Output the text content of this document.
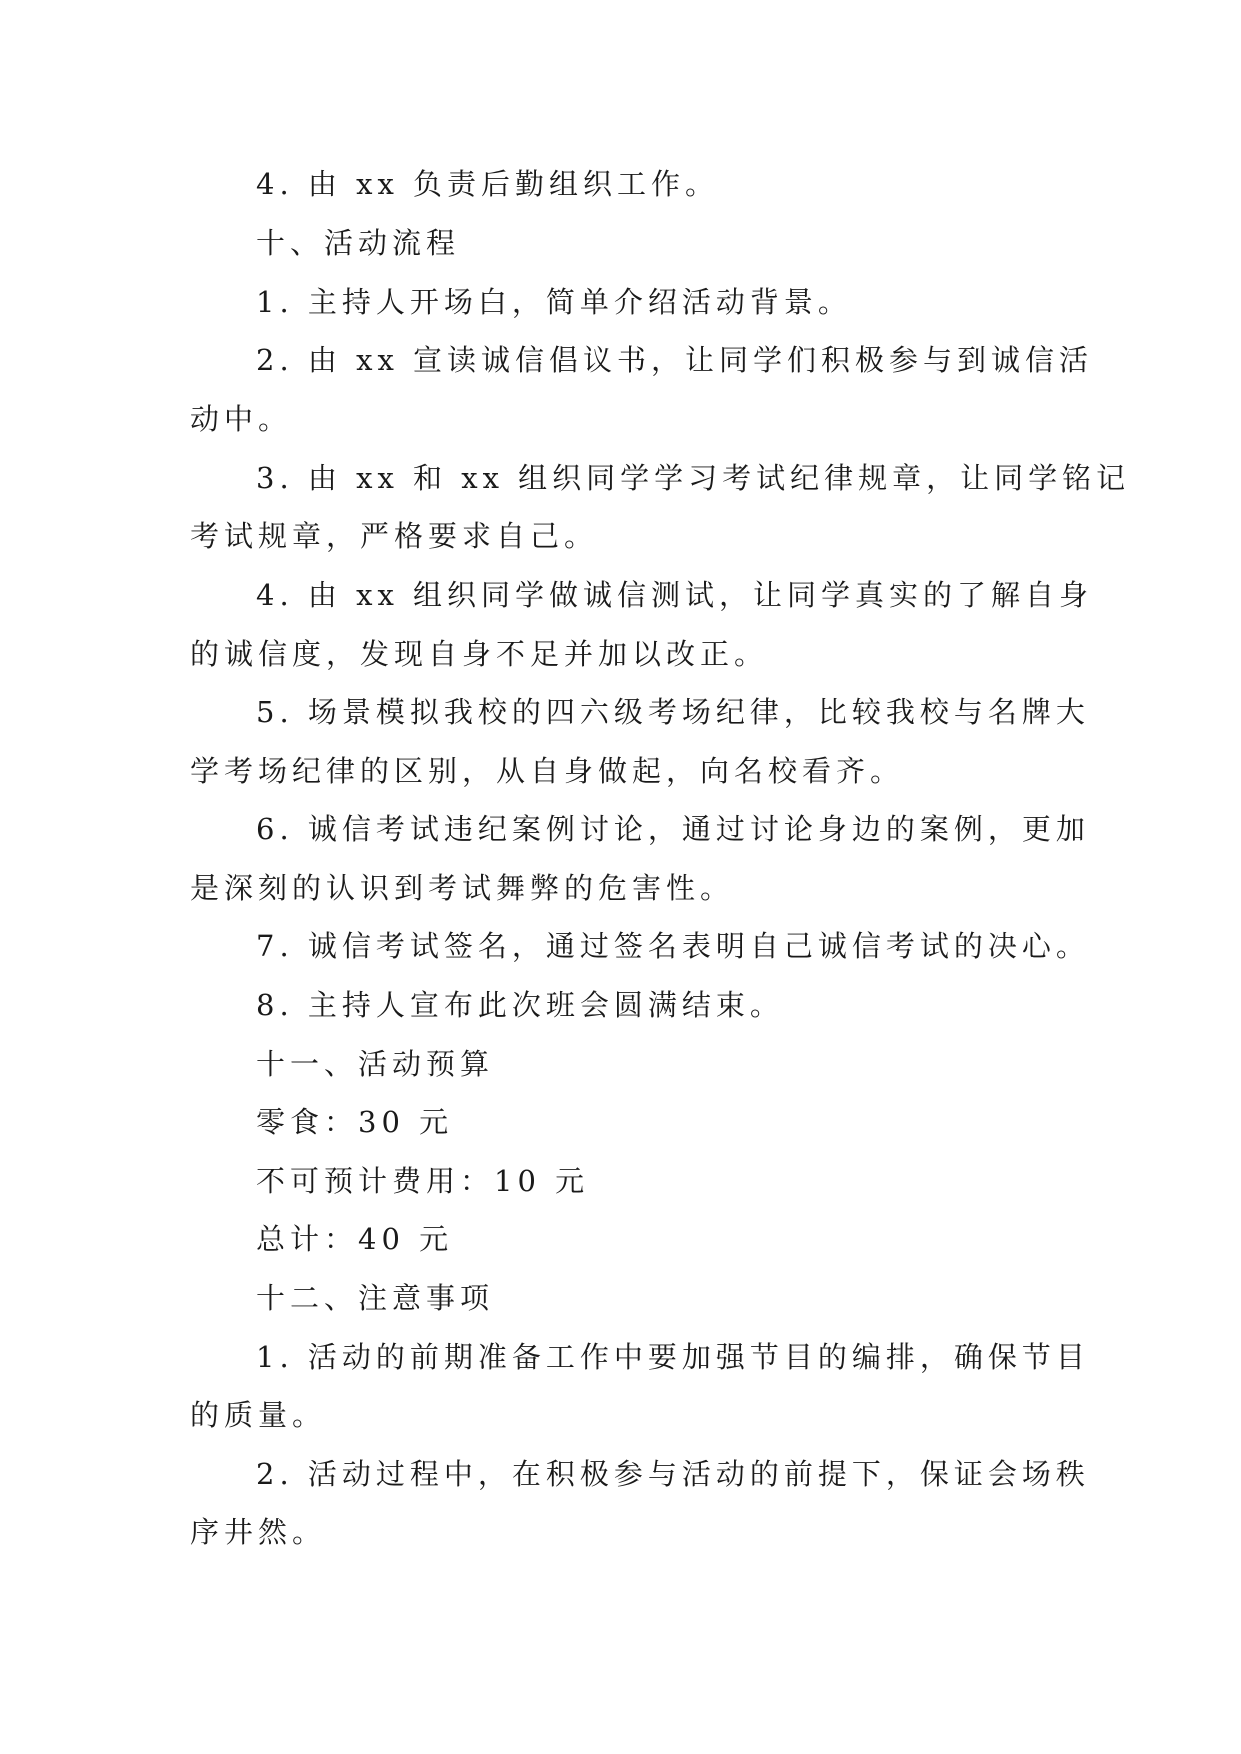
4. 由 xx 负责后勤组织工作。

十、活动流程

1. 主持人开场白，简单介绍活动背景。

2. 由 xx 宣读诚信倡议书，让同学们积极参与到诚信活

动中。

3. 由 xx 和 xx 组织同学学习考试纪律规章，让同学铭记

考试规章，严格要求自己。

4. 由 xx 组织同学做诚信测试，让同学真实的了解自身

的诚信度，发现自身不足并加以改正。

5. 场景模拟我校的四六级考场纪律，比较我校与名牌大

学考场纪律的区别，从自身做起，向名校看齐。

6. 诚信考试违纪案例讨论，通过讨论身边的案例，更加

是深刻的认识到考试舞弊的危害性。

7. 诚信考试签名，通过签名表明自己诚信考试的决心。

8. 主持人宣布此次班会圆满结束。

十一、活动预算

零食：30 元

不可预计费用：10 元

总计：40 元

十二、注意事项

1. 活动的前期准备工作中要加强节目的编排，确保节目

的质量。

2. 活动过程中，在积极参与活动的前提下，保证会场秩

序井然。
